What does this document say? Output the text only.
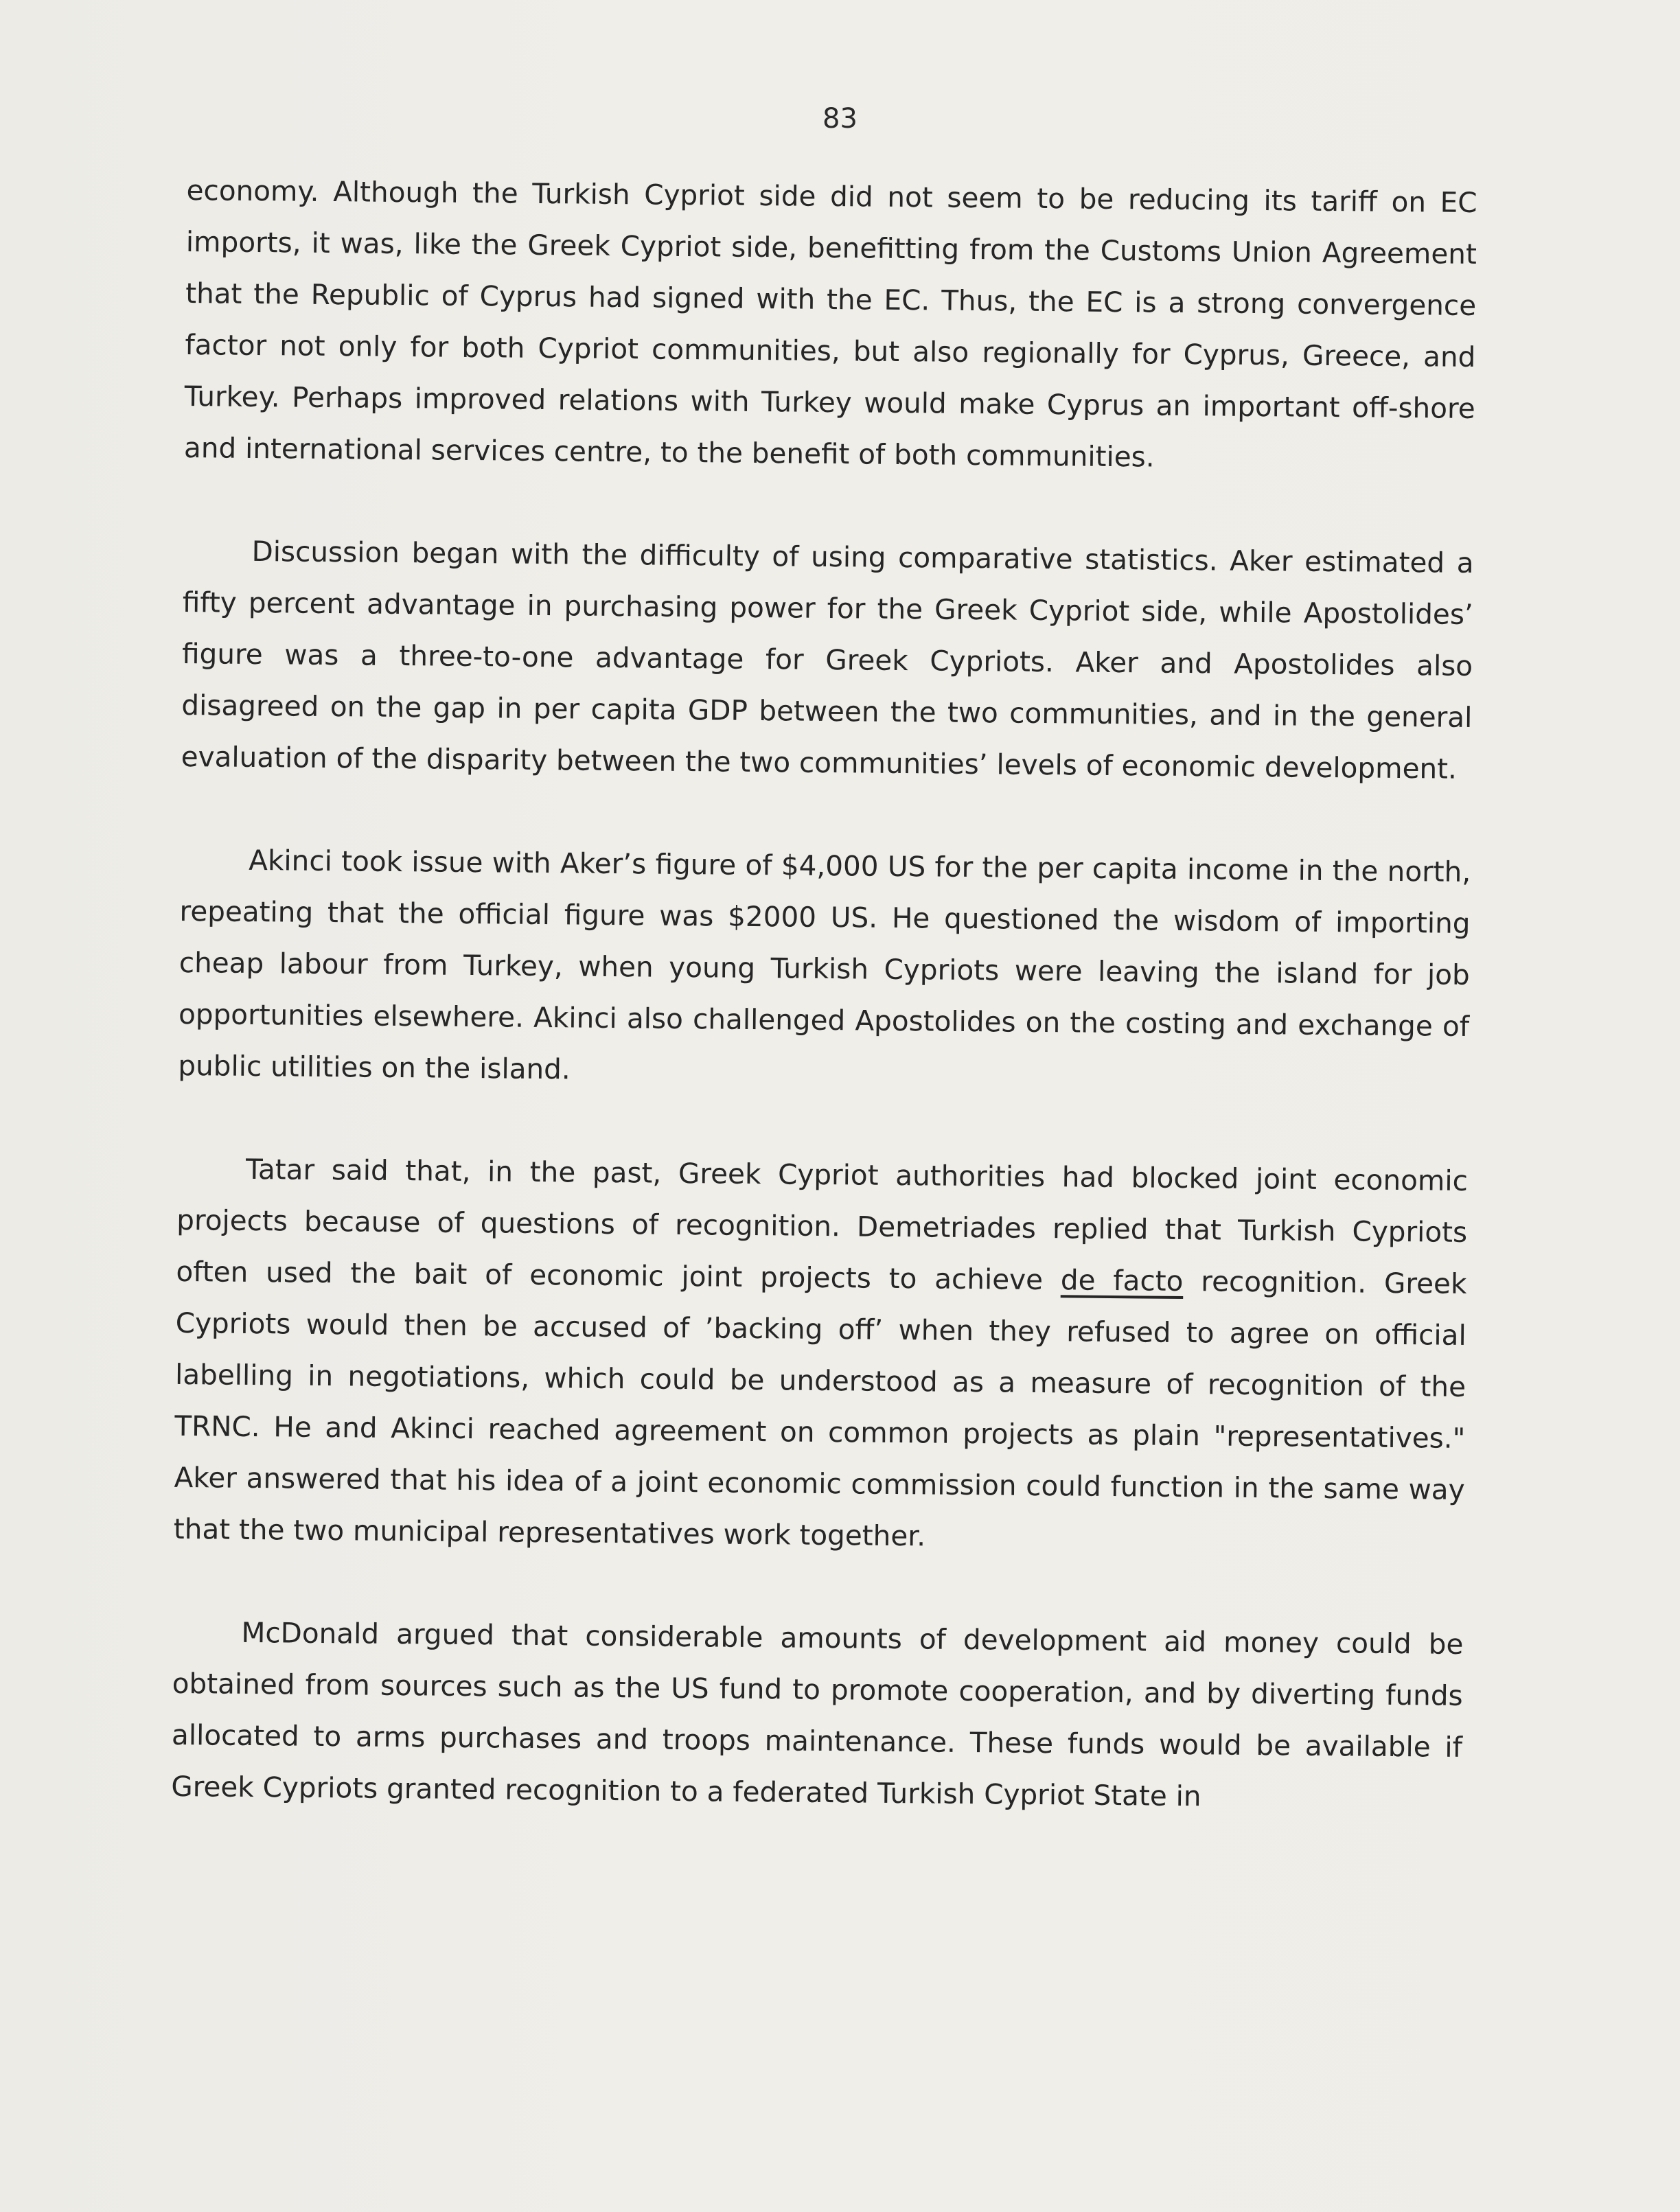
83

economy. Although the Turkish Cypriot side did not seem to be reducing its tariff on EC imports, it was, like the Greek Cypriot side, benefitting from the Customs Union Agreement that the Republic of Cyprus had signed with the EC. Thus, the EC is a strong convergence factor not only for both Cypriot communities, but also regionally for Cyprus, Greece, and Turkey. Perhaps improved relations with Turkey would make Cyprus an important off-shore and international services centre, to the benefit of both communities.

Discussion began with the difficulty of using comparative statistics. Aker estimated a fifty percent advantage in purchasing power for the Greek Cypriot side, while Apostolides’ figure was a three-to-one advantage for Greek Cypriots. Aker and Apostolides also disagreed on the gap in per capita GDP between the two communities, and in the general evaluation of the disparity between the two communities’ levels of economic development.

Akinci took issue with Aker’s figure of $4,000 US for the per capita income in the north, repeating that the official figure was $2000 US. He questioned the wisdom of importing cheap labour from Turkey, when young Turkish Cypriots were leaving the island for job opportunities elsewhere. Akinci also challenged Apostolides on the costing and exchange of public utilities on the island.

Tatar said that, in the past, Greek Cypriot authorities had blocked joint economic projects because of questions of recognition. Demetriades replied that Turkish Cypriots often used the bait of economic joint projects to achieve de facto recognition. Greek Cypriots would then be accused of ’backing off’ when they refused to agree on official labelling in negotiations, which could be understood as a measure of recognition of the TRNC. He and Akinci reached agreement on common projects as plain "representatives." Aker answered that his idea of a joint economic commission could function in the same way that the two municipal representatives work together.

McDonald argued that considerable amounts of development aid money could be obtained from sources such as the US fund to promote cooperation, and by diverting funds allocated to arms purchases and troops maintenance. These funds would be available if Greek Cypriots granted recognition to a federated Turkish Cypriot State in
